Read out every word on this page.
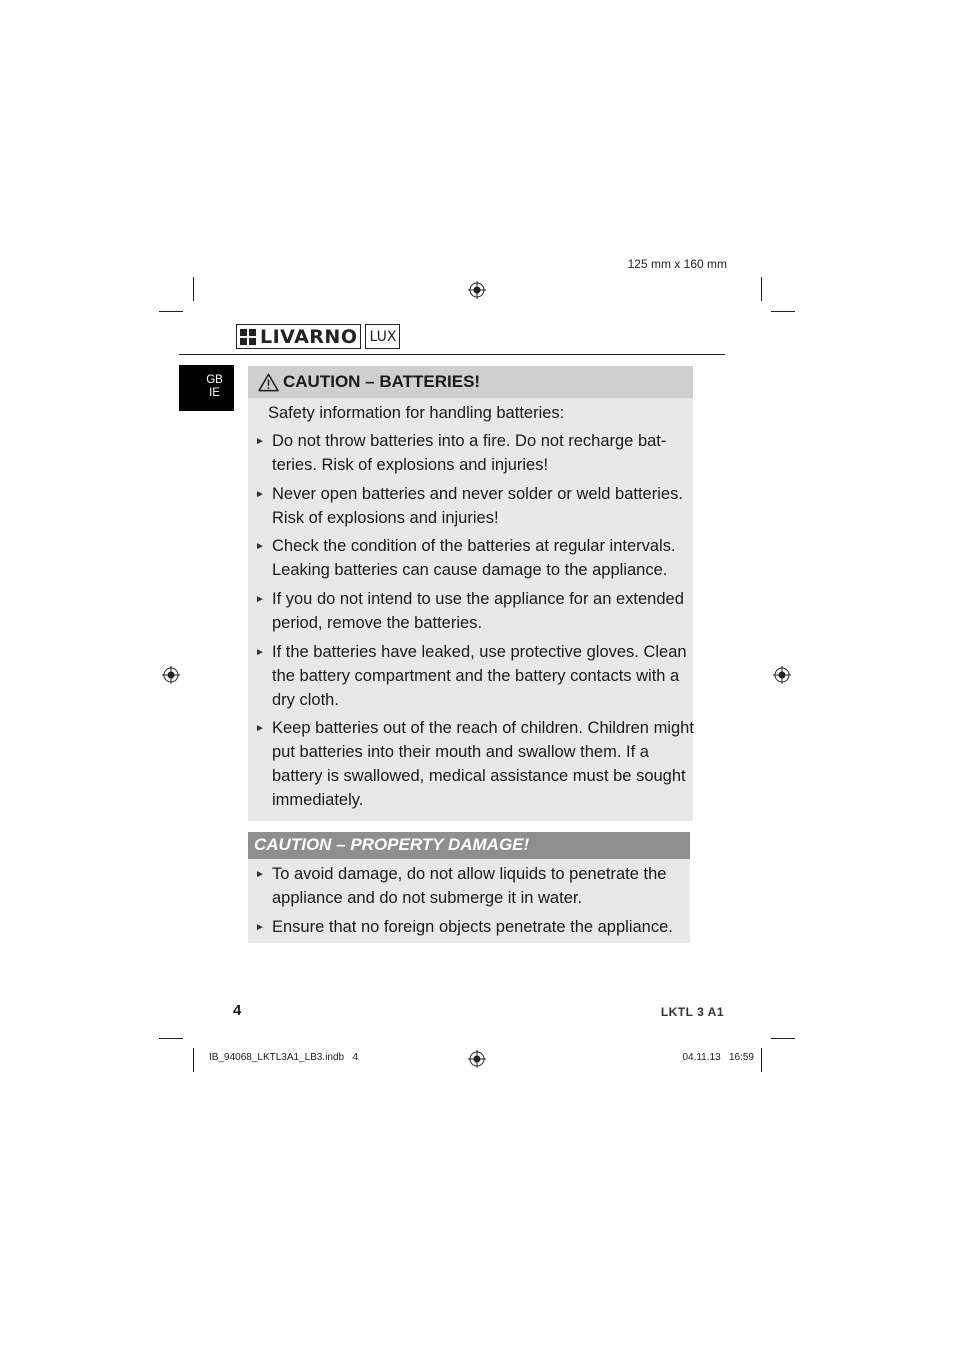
125 mm x 160 mm
LIVARNO LUX
GB
IE
CAUTION – BATTERIES!
Safety information for handling batteries:
► Do not throw batteries into a fire. Do not recharge bat-teries. Risk of explosions and injuries!
► Never open batteries and never solder or weld batteries. Risk of explosions and injuries!
► Check the condition of the batteries at regular intervals. Leaking batteries can cause damage to the appliance.
► If you do not intend to use the appliance for an extended period, remove the batteries.
► If the batteries have leaked, use protective gloves. Clean the battery compartment and the battery contacts with a dry cloth.
► Keep batteries out of the reach of children. Children might put batteries into their mouth and swallow them. If a battery is swallowed, medical assistance must be sought immediately.
CAUTION – PROPERTY DAMAGE!
► To avoid damage, do not allow liquids to penetrate the appliance and do not submerge it in water.
► Ensure that no foreign objects penetrate the appliance.
4	LKTL 3 A1
IB_94068_LKTL3A1_LB3.indb   4	04.11.13   16:59
